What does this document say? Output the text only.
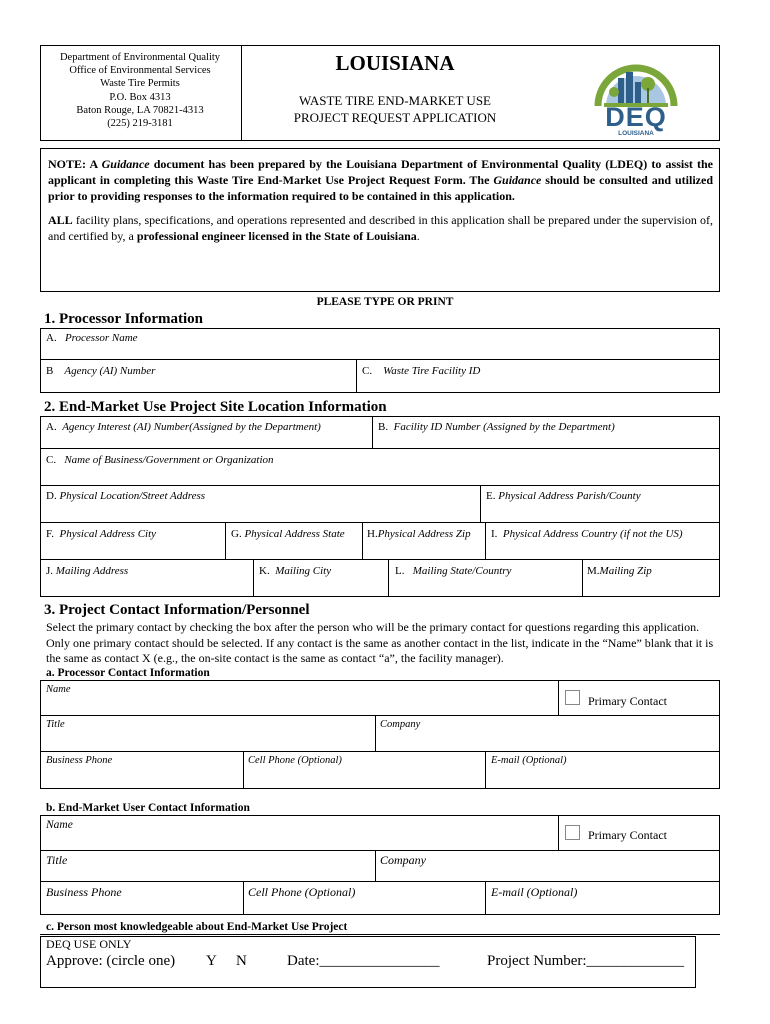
Department of Environmental Quality
Office of Environmental Services
Waste Tire Permits
P.O. Box 4313
Baton Rouge, LA 70821-4313
(225) 219-3181
LOUISIANA
WASTE TIRE END-MARKET USE
PROJECT REQUEST APPLICATION	DEQ
LOUISIANA
NOTE: A Guidance document has been prepared by the Louisiana Department of Environmental Quality (LDEQ) to assist the applicant in completing this Waste Tire End-Market Use Project Request Form. The Guidance should be consulted and utilized prior to providing responses to the information required to be contained in this application.
ALL facility plans, specifications, and operations represented and described in this application shall be prepared under the supervision of, and certified by, a professional engineer licensed in the State of Louisiana.
PLEASE TYPE OR PRINT
1. Processor Information
A. Processor Name
B Agency (AI) Number	C. Waste Tire Facility ID
2. End-Market Use Project Site Location Information
A. Agency Interest (AI) Number(Assigned by the Department)	B. Facility ID Number (Assigned by the Department)
C. Name of Business/Government or Organization
D. Physical Location/Street Address	E. Physical Address Parish/County
F. Physical Address City	G. Physical Address State H.Physical Address Zip I. Physical Address Country (if not the US)
J. Mailing Address	K. Mailing City	L. Mailing State/Country	M.Mailing Zip
3. Project Contact Information/Personnel
Select the primary contact by checking the box after the person who will be the primary contact for questions regarding this application. Only one primary contact should be selected. If any contact is the same as another contact in the list, indicate in the “Name” blank that it is the same as contact X (e.g., the on-site contact is the same as contact “a”, the facility manager).
a. Processor Contact Information
Name
Primary Contact
Title	Company
Business Phone	Cell Phone (Optional)	E-mail (Optional)
b. End-Market User Contact Information
Name
Primary Contact
Title	Company
Business Phone	Cell Phone (Optional)	E-mail (Optional)
c. Person most knowledgeable about End-Market Use Project
DEQ USE ONLY
Approve: (circle one) Y N	Date:________________	Project Number:_____________
